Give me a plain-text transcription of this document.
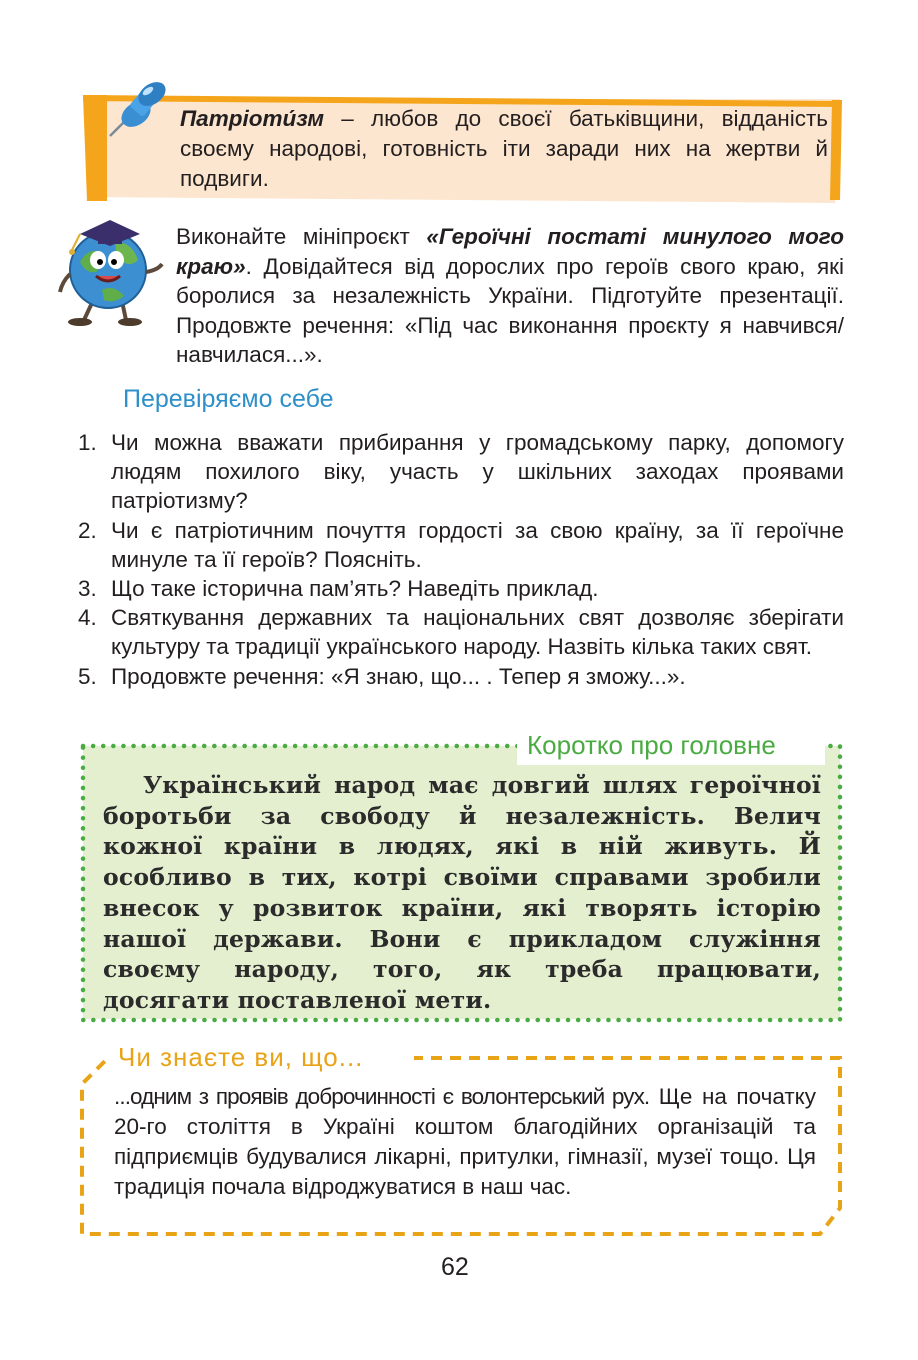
Патріоти́зм – любов до своєї батьківщини, відданість своєму народові, готовність іти заради них на жертви й подвиги.
Виконайте мініпроєкт «Героїчні постаті минулого мого краю». Довідайтеся від дорослих про героїв свого краю, які боролися за незалежність України. Підготуйте презентації. Продовжте речення: «Під час виконання проєкту я навчився/навчилася...».
Перевіряємо себе
1. Чи можна вважати прибирання у громадському парку, допомогу людям похилого віку, участь у шкільних заходах проявами патріотизму?
2. Чи є патріотичним почуття гордості за свою країну, за її героїчне минуле та її героїв? Поясніть.
3. Що таке історична пам’ять? Наведіть приклад.
4. Святкування державних та національних свят дозволяє зберігати культуру та традиції українського народу. Назвіть кілька таких свят.
5. Продовжте речення: «Я знаю, що... . Тепер я зможу...».
Коротко про головне
Український народ має довгий шлях героїчної боротьби за свободу й незалежність. Велич кожної країни в людях, які в ній живуть. Й особливо в тих, котрі своїми справами зробили внесок у розвиток країни, які творять історію нашої держави. Вони є прикладом служіння своєму народу, того, як треба працювати, досягати поставленої мети.
Чи знаєте ви, що...
...одним з проявів доброчинності є волонтерський рух. Ще на початку 20-го століття в Україні коштом благодійних організацій та підприємців будувалися лікарні, притулки, гімназії, музеї тощо. Ця традиція почала відроджуватися в наш час.
62
